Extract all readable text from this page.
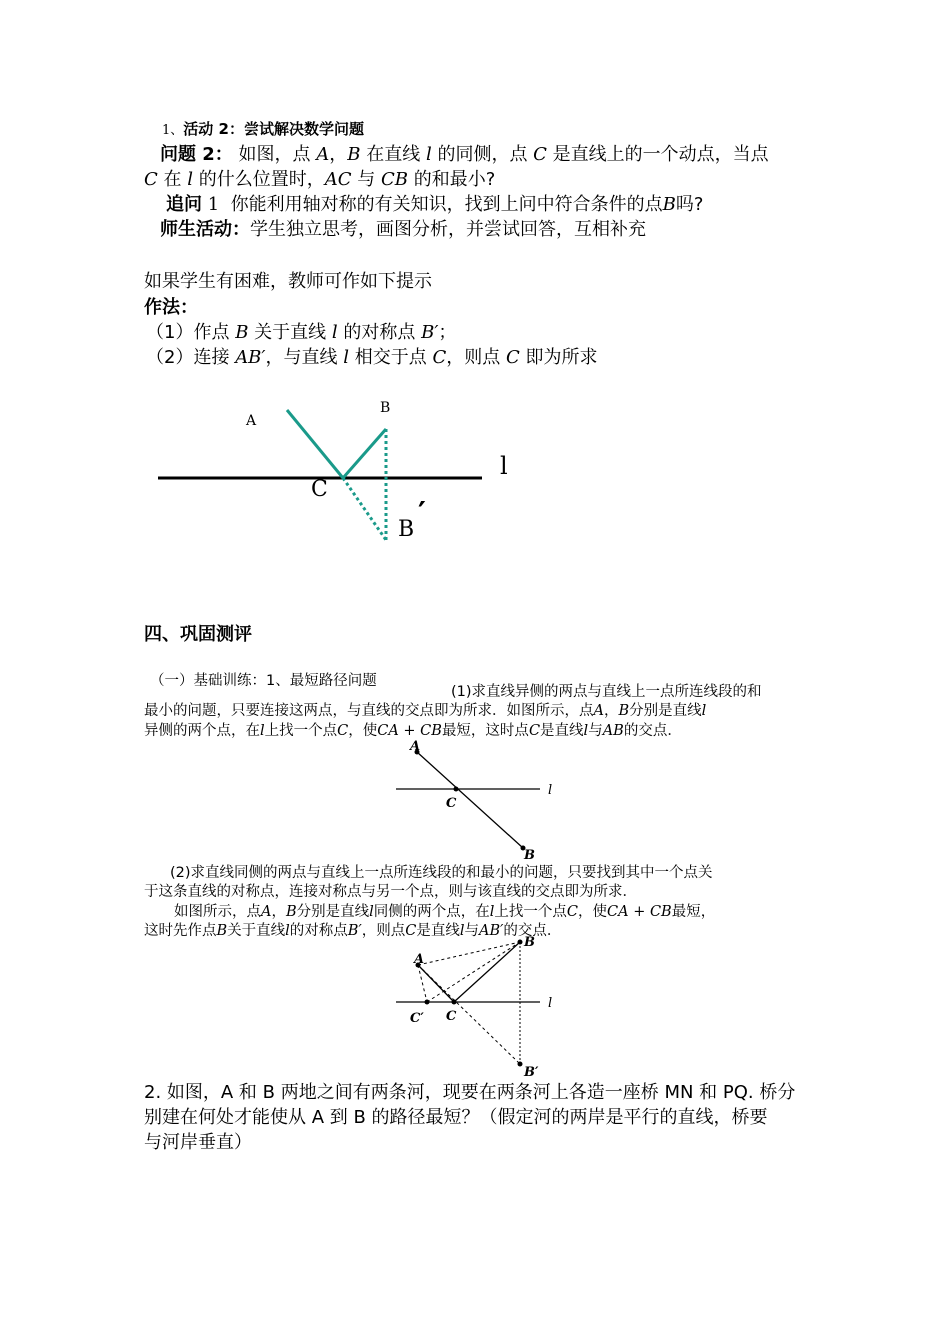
1、活动 2：尝试解决数学问题
问题 2： 如图，点 A，B 在直线 l 的同侧，点 C 是直线上的一个动点，当点
C 在 l 的什么位置时，AC 与 CB 的和最小?
追问 1 你能利用轴对称的有关知识，找到上问中符合条件的点B吗?
师生活动：学生独立思考，画图分析，并尝试回答，互相补充
如果学生有困难，教师可作如下提示
作法：
（1）作点 B 关于直线 l 的对称点 B′；
（2）连接 AB′，与直线 l 相交于点 C，则点 C 即为所求
A
B
l
C
B ′
四、巩固测评
（一）基础训练：1、最短路径问题
(1)求直线异侧的两点与直线上一点所连线段的和
最小的问题，只要连接这两点，与直线的交点即为所求．如图所示，点A，B分别是直线l
异侧的两个点，在l上找一个点C，使CA + CB最短，这时点C是直线l与AB的交点．
A
C
l
B
(2)求直线同侧的两点与直线上一点所连线段的和最小的问题，只要找到其中一个点关
于这条直线的对称点，连接对称点与另一个点，则与该直线的交点即为所求．
如图所示，点A，B分别是直线l同侧的两个点，在l上找一个点C，使CA + CB最短，
这时先作点B关于直线l的对称点B′，则点C是直线l与AB′的交点．
A
B
C
C′
l
B′
2. 如图，A 和 B 两地之间有两条河，现要在两条河上各造一座桥 MN 和 PQ. 桥分
别建在何处才能使从 A 到 B 的路径最短？（假定河的两岸是平行的直线，桥要
与河岸垂直）
